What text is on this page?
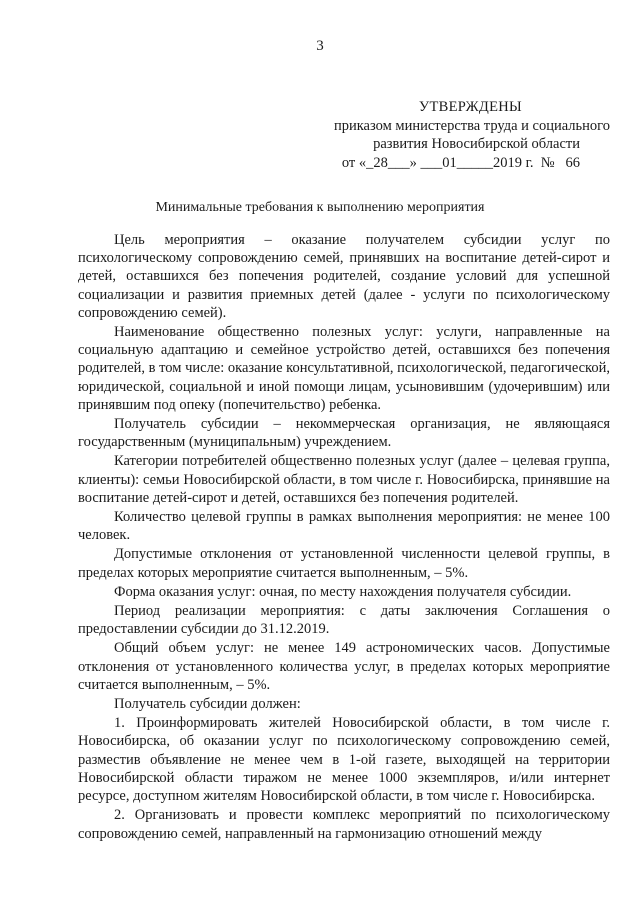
3
УТВЕРЖДЕНЫ
приказом министерства труда и социального
развития Новосибирской области
от «_28___» ___01_____2019 г.  №   66
Минимальные требования к выполнению мероприятия

Цель мероприятия – оказание получателем субсидии услуг по психологическому сопровождению семей, принявших на воспитание детей-сирот и детей, оставшихся без попечения родителей, создание условий для успешной социализации и развития приемных детей (далее - услуги по психологическому сопровождению семей).

Наименование общественно полезных услуг: услуги, направленные на социальную адаптацию и семейное устройство детей, оставшихся без попечения родителей, в том числе: оказание консультативной, психологической, педагогической, юридической, социальной и иной помощи лицам, усыновившим (удочерившим) или принявшим под опеку (попечительство) ребенка.

Получатель субсидии – некоммерческая организация, не являющаяся государственным (муниципальным) учреждением.

Категории потребителей общественно полезных услуг (далее – целевая группа, клиенты): семьи Новосибирской области, в том числе г. Новосибирска, принявшие на воспитание детей-сирот и детей, оставшихся без попечения родителей.

Количество целевой группы в рамках выполнения мероприятия: не менее 100 человек.

Допустимые отклонения от установленной численности целевой группы, в пределах которых мероприятие считается выполненным, – 5%.

Форма оказания услуг: очная, по месту нахождения получателя субсидии.

Период реализации мероприятия: с даты заключения Соглашения о предоставлении субсидии до 31.12.2019.

Общий объем услуг: не менее 149 астрономических часов. Допустимые отклонения от установленного количества услуг, в пределах которых мероприятие считается выполненным, – 5%.

Получатель субсидии должен:

1. Проинформировать жителей Новосибирской области, в том числе г. Новосибирска, об оказании услуг по психологическому сопровождению семей, разместив объявление не менее чем в 1-ой газете, выходящей на территории Новосибирской области тиражом не менее 1000 экземпляров, и/или интернет ресурсе, доступном жителям Новосибирской области, в том числе г. Новосибирска.

2. Организовать и провести комплекс мероприятий по психологическому сопровождению семей, направленный на гармонизацию отношений между
